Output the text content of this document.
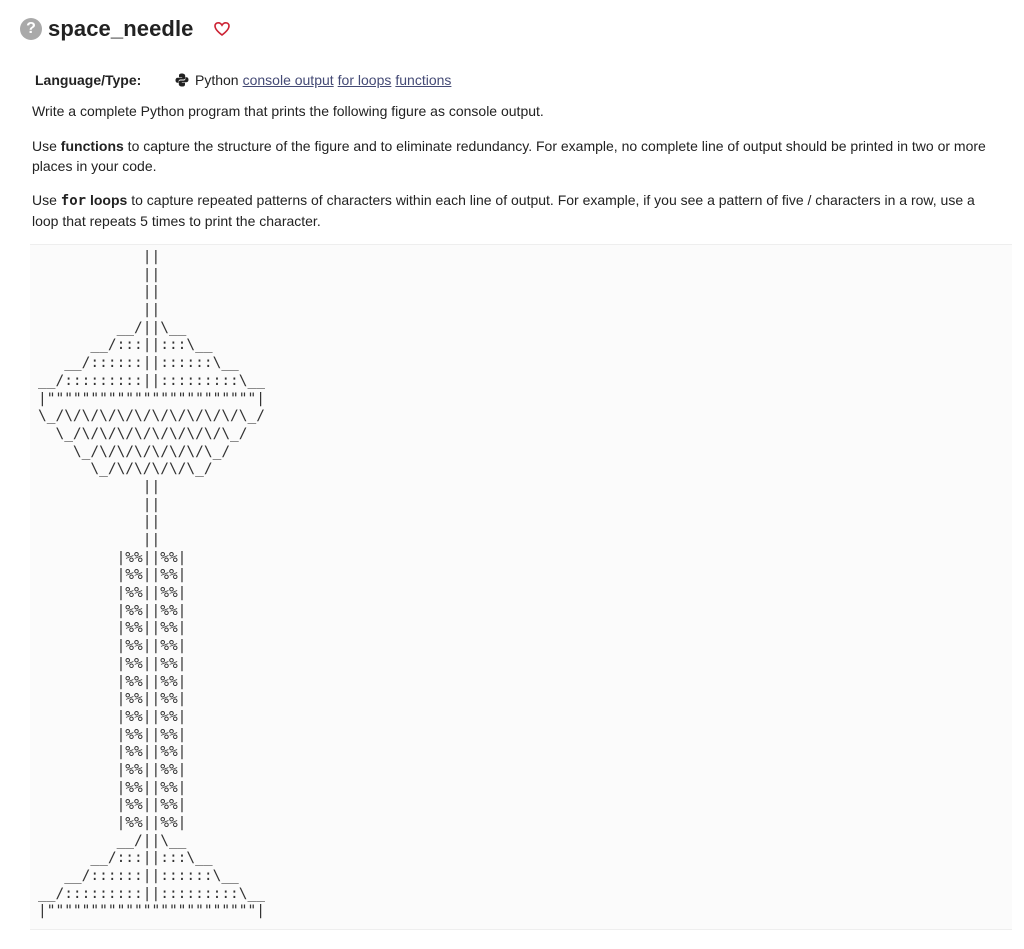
? space_needle
Language/Type:	Python console output for loops functions
Write a complete Python program that prints the following figure as console output.
Use functions to capture the structure of the figure and to eliminate redundancy. For example, no complete line of output should be printed in two or more places in your code.
Use for loops to capture repeated patterns of characters within each line of output. For example, if you see a pattern of five / characters in a row, use a loop that repeats 5 times to print the character.
||
||
||
||
__/||\__
__/:::||:::\__
__/::::::||::::::\__
__/:::::::::||:::::::::\__
|""""""""""""""""""""""""|
\_/\/\/\/\/\/\/\/\/\/\/\_/
\_/\/\/\/\/\/\/\/\/\_/
\_/\/\/\/\/\/\/\_/
\_/\/\/\/\/\_/
||
||
||
||
|%%||%%|
|%%||%%|
|%%||%%|
|%%||%%|
|%%||%%|
|%%||%%|
|%%||%%|
|%%||%%|
|%%||%%|
|%%||%%|
|%%||%%|
|%%||%%|
|%%||%%|
|%%||%%|
|%%||%%|
|%%||%%|
__/||\__
__/:::||:::\__
__/::::::||::::::\__
__/:::::::::||:::::::::\__
|""""""""""""""""""""""""|
